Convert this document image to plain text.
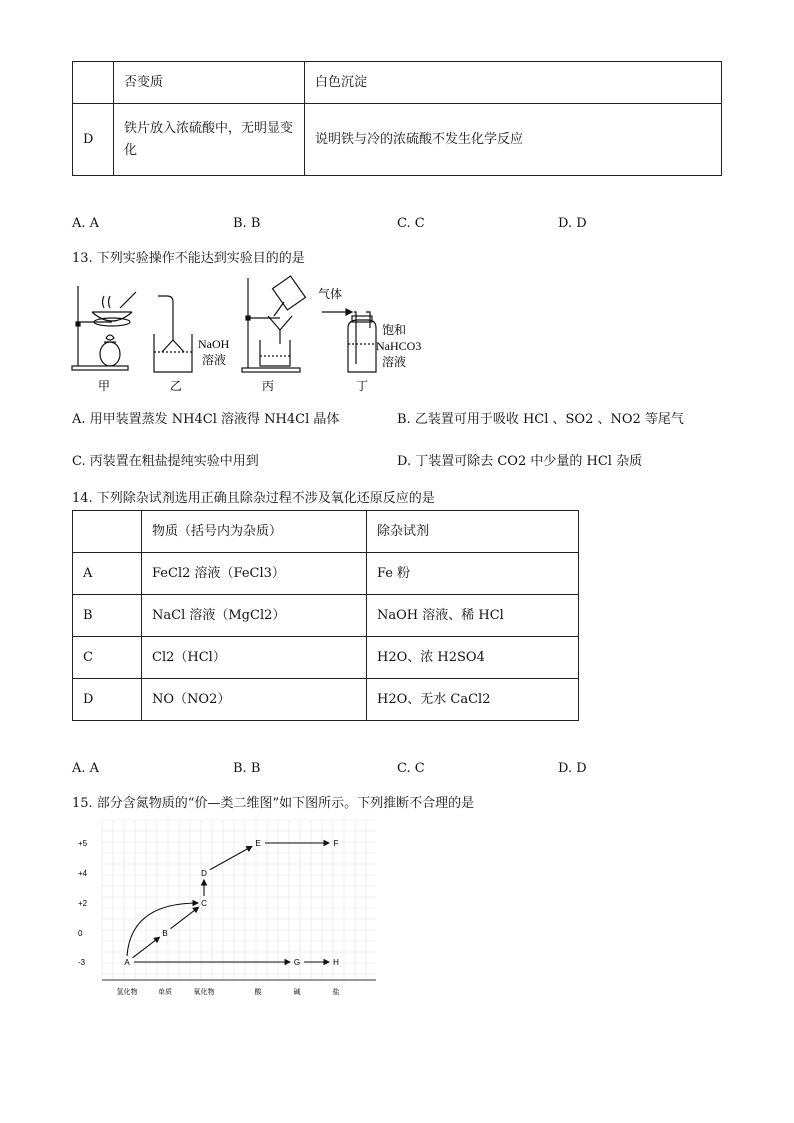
	否变质	白色沉淀
D	铁片放入浓硫酸中，无明显变化	说明铁与冷的浓硫酸不发生化学反应
A. A	B. B	C. C	D. D
13. 下列实验操作不能达到实验目的的是
NaOH
溶液
气体
饱和
NaHCO3
溶液
甲	乙	丙	丁
A. 用甲装置蒸发 NH4Cl 溶液得 NH4Cl 晶体	B. 乙装置可用于吸收 HCl 、SO2 、NO2 等尾气
C. 丙装置在粗盐提纯实验中用到	D. 丁装置可除去 CO2 中少量的 HCl 杂质
14. 下列除杂试剂选用正确且除杂过程不涉及氧化还原反应的是
	物质（括号内为杂质）	除杂试剂
A	FeCl2 溶液（FeCl3）	Fe 粉
B	NaCl 溶液（MgCl2）	NaOH 溶液、稀 HCl
C	Cl2（HCl）	H2O、浓 H2SO4
D	NO（NO2）	H2O、无水 CaCl2
A. A	B. B	C. C	D. D
15. 部分含氮物质的“价—类二维图”如下图所示。下列推断不合理的是
+5
+4
+2
0
-3
氢化物	单质	氧化物	酸	碱	盐
A
B
C
D
E	F
G	H
